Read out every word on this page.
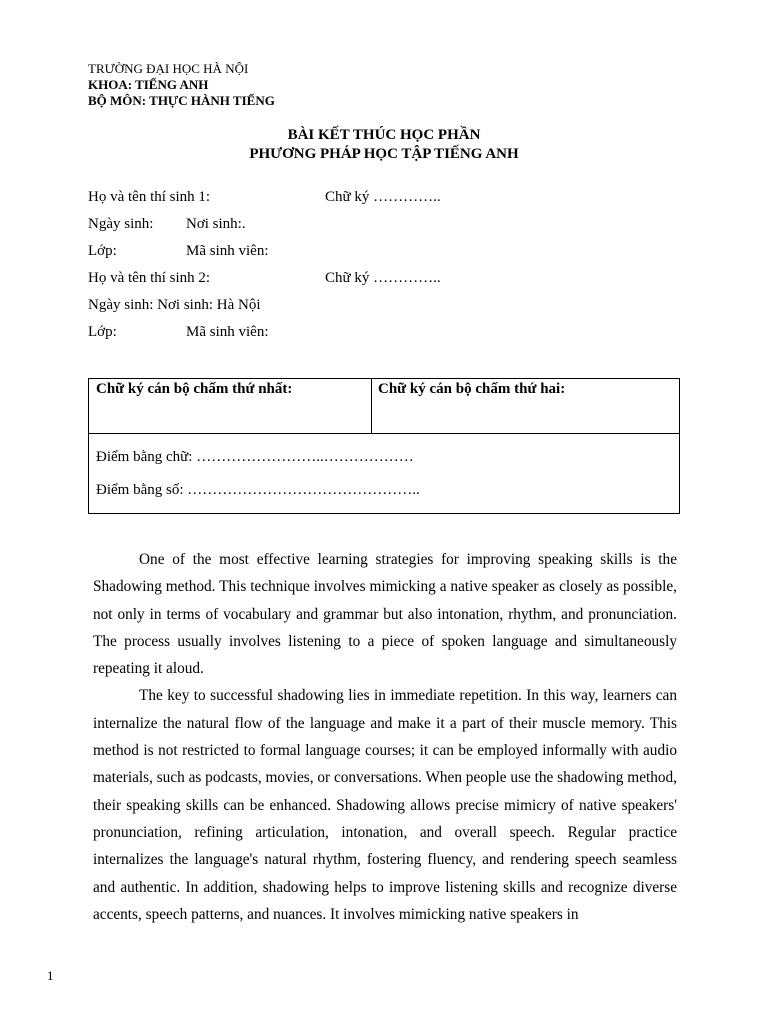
TRƯỜNG ĐẠI HỌC HÀ NỘI
KHOA: TIẾNG ANH
BỘ MÔN: THỰC HÀNH TIẾNG
BÀI KẾT THÚC HỌC PHẦN
PHƯƠNG PHÁP HỌC TẬP TIẾNG ANH
Họ và tên thí sinh 1:	Chữ ký …………..
Ngày sinh: Nơi sinh:.
Lớp:	Mã sinh viên:
Họ và tên thí sinh 2:	Chữ ký …………..
Ngày sinh: Nơi sinh: Hà Nội
Lớp:	Mã sinh viên:
Chữ ký cán bộ chấm thứ nhất:	Chữ ký cán bộ chấm thứ hai:
Điểm bằng chữ: ……………………..………………
Điểm bằng số: ………………………………………..

One of the most effective learning strategies for improving speaking skills is the Shadowing method. This technique involves mimicking a native speaker as closely as possible, not only in terms of vocabulary and grammar but also intonation, rhythm, and pronunciation. The process usually involves listening to a piece of spoken language and simultaneously repeating it aloud.

The key to successful shadowing lies in immediate repetition. In this way, learners can internalize the natural flow of the language and make it a part of their muscle memory. This method is not restricted to formal language courses; it can be employed informally with audio materials, such as podcasts, movies, or conversations. When people use the shadowing method, their speaking skills can be enhanced. Shadowing allows precise mimicry of native speakers' pronunciation, refining articulation, intonation, and overall speech. Regular practice internalizes the language's natural rhythm, fostering fluency, and rendering speech seamless and authentic. In addition, shadowing helps to improve listening skills and recognize diverse accents, speech patterns, and nuances. It involves mimicking native speakers in

1
